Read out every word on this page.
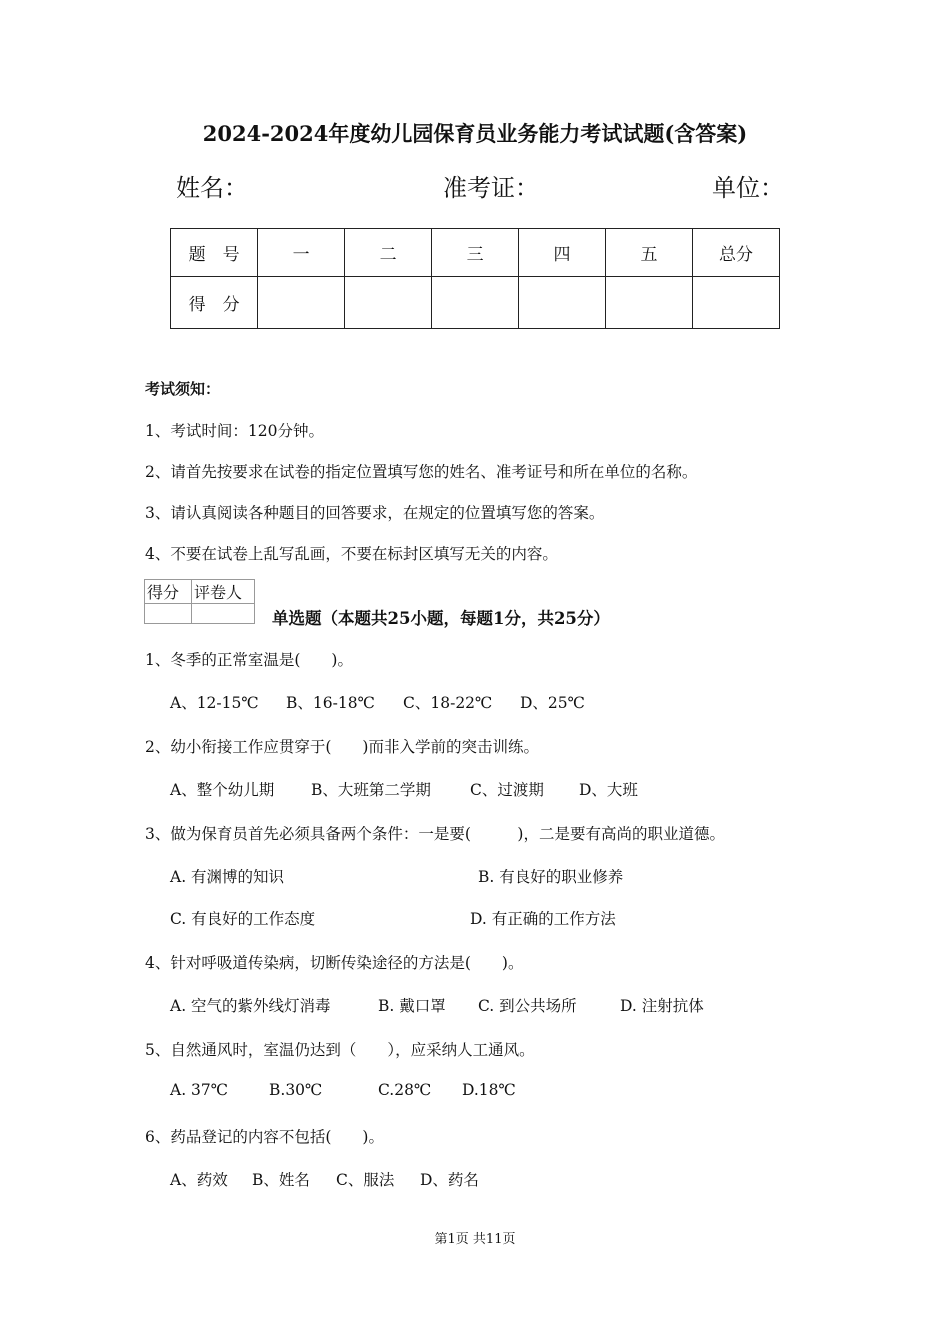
2024-2024年度幼儿园保育员业务能力考试试题(含答案)
姓名：	准考证：	单位：
题　号	一	二	三	四	五	总分
得　分						
考试须知：
1、考试时间：120分钟。
2、请首先按要求在试卷的指定位置填写您的姓名、准考证号和所在单位的名称。
3、请认真阅读各种题目的回答要求，在规定的位置填写您的答案。
4、不要在试卷上乱写乱画，不要在标封区填写无关的内容。
得分	评卷人

单选题（本题共25小题，每题1分，共25分）
1、冬季的正常室温是(　　)。
A、12-15℃ B、16-18℃ C、18-22℃ D、25℃
2、幼小衔接工作应贯穿于(　　)而非入学前的突击训练。
A、整个幼儿期 B、大班第二学期	C、过渡期 D、大班
3、做为保育员首先必须具备两个条件：一是要(　　　)，二是要有高尚的职业道德。
A. 有渊博的知识	B. 有良好的职业修养
C. 有良好的工作态度	D. 有正确的工作方法
4、针对呼吸道传染病，切断传染途径的方法是(　　)。
A. 空气的紫外线灯消毒	B. 戴口罩 C. 到公共场所	D. 注射抗体
5、自然通风时，室温仍达到（　　），应采纳人工通风。
A. 37℃	B.30℃	C.28℃ D.18℃
6、药品登记的内容不包括(　　)。
A、药效 B、姓名 C、服法 D、药名
第1页 共11页
